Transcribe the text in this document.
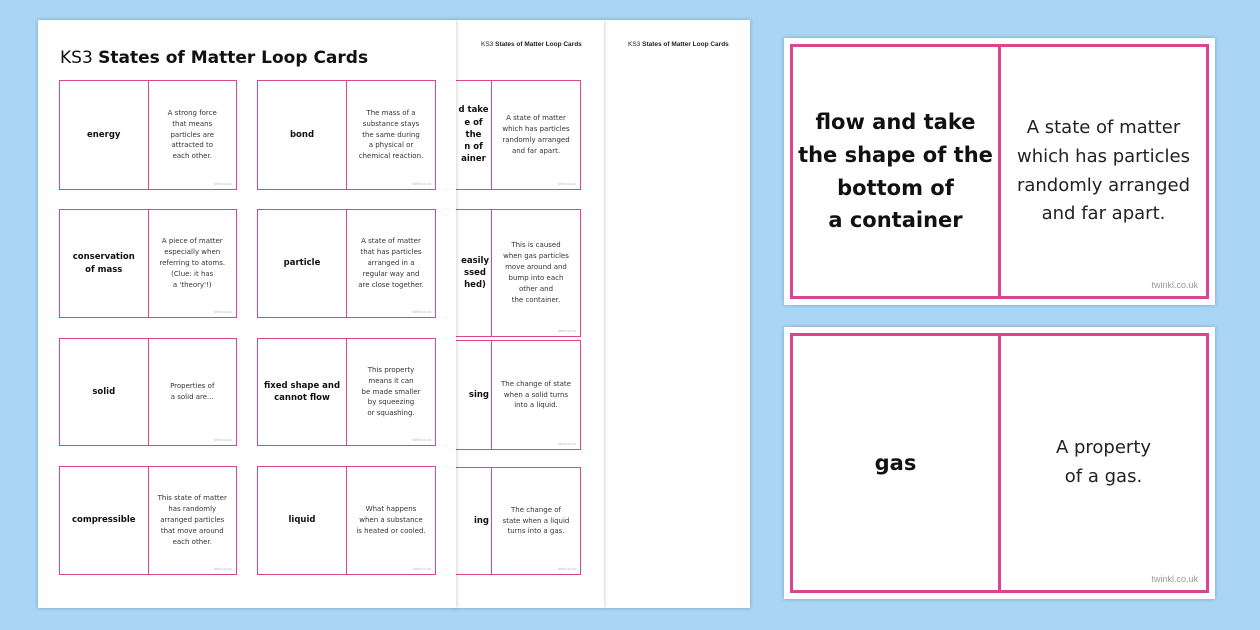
KS3 States of Matter Loop Cards
KS3 States of Matter Loop Cards
d take
e of the
n of
ainer
A state of matter
which has particles
randomly arranged
and far apart.
twinkl.co.uk
easily
ssed
hed)
This is caused
when gas particles
move around and
bump into each
other and
the container.
twinkl.co.uk
sing
The change of state
when a solid turns
into a liquid.
twinkl.co.uk
ing
The change of
state when a liquid
turns into a gas.
twinkl.co.uk
KS3 States of Matter Loop Cards
energy
A strong force
that means
particles are
attracted to
each other.
twinkl.co.uk
bond
The mass of a
substance stays
the same during
a physical or
chemical reaction.
twinkl.co.uk
conservation
of mass
A piece of matter
especially when
referring to atoms.
(Clue: it has
a 'theory'!)
twinkl.co.uk
particle
A state of matter
that has particles
arranged in a
regular way and
are close together.
twinkl.co.uk
solid
Properties of
a solid are...
twinkl.co.uk
fixed shape and
cannot flow
This property
means it can
be made smaller
by squeezing
or squashing.
twinkl.co.uk
compressible
This state of matter
has randomly
arranged particles
that move around
each other.
twinkl.co.uk
liquid
What happens
when a substance
is heated or cooled.
twinkl.co.uk
flow and take
the shape of the
bottom of
a container
A state of matter
which has particles
randomly arranged
and far apart.
twinkl.co.uk
gas
A property
of a gas.
twinkl.co.uk
